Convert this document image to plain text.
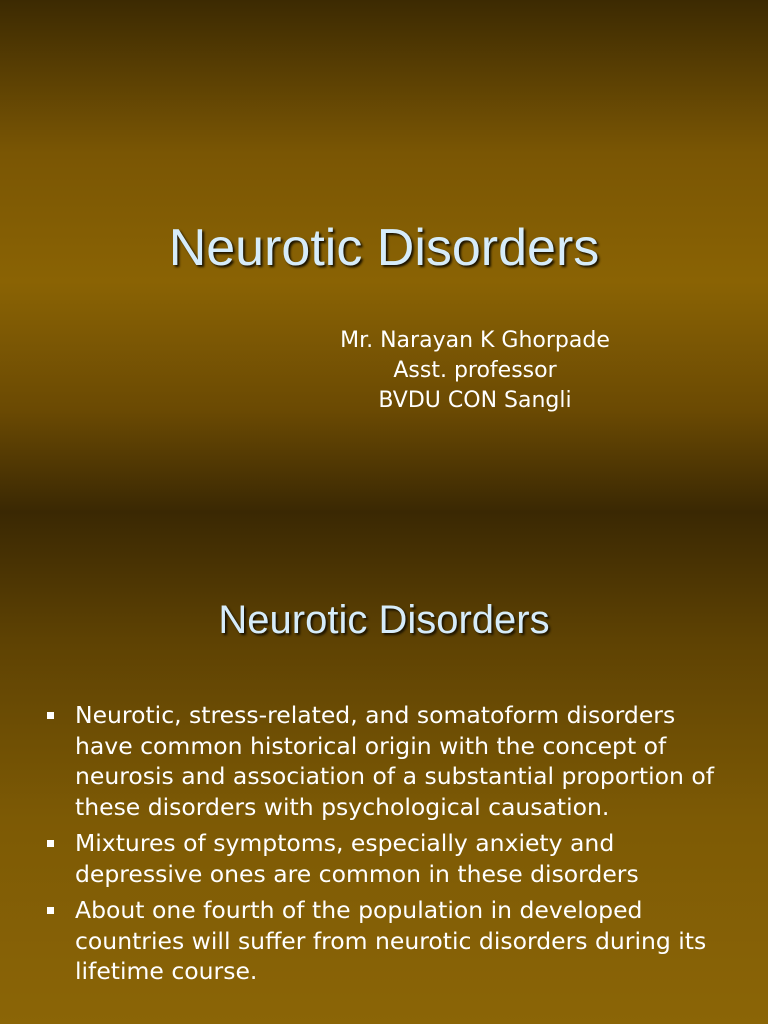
Neurotic Disorders
Mr. Narayan K Ghorpade
Asst. professor
BVDU CON Sangli
Neurotic Disorders
Neurotic, stress-related, and somatoform disorders have common historical origin with the concept of neurosis and association of a substantial proportion of these disorders with psychological causation.
Mixtures of symptoms, especially anxiety and depressive ones are common in these disorders
About one fourth of the population in developed countries will suffer from neurotic disorders during its lifetime course.
